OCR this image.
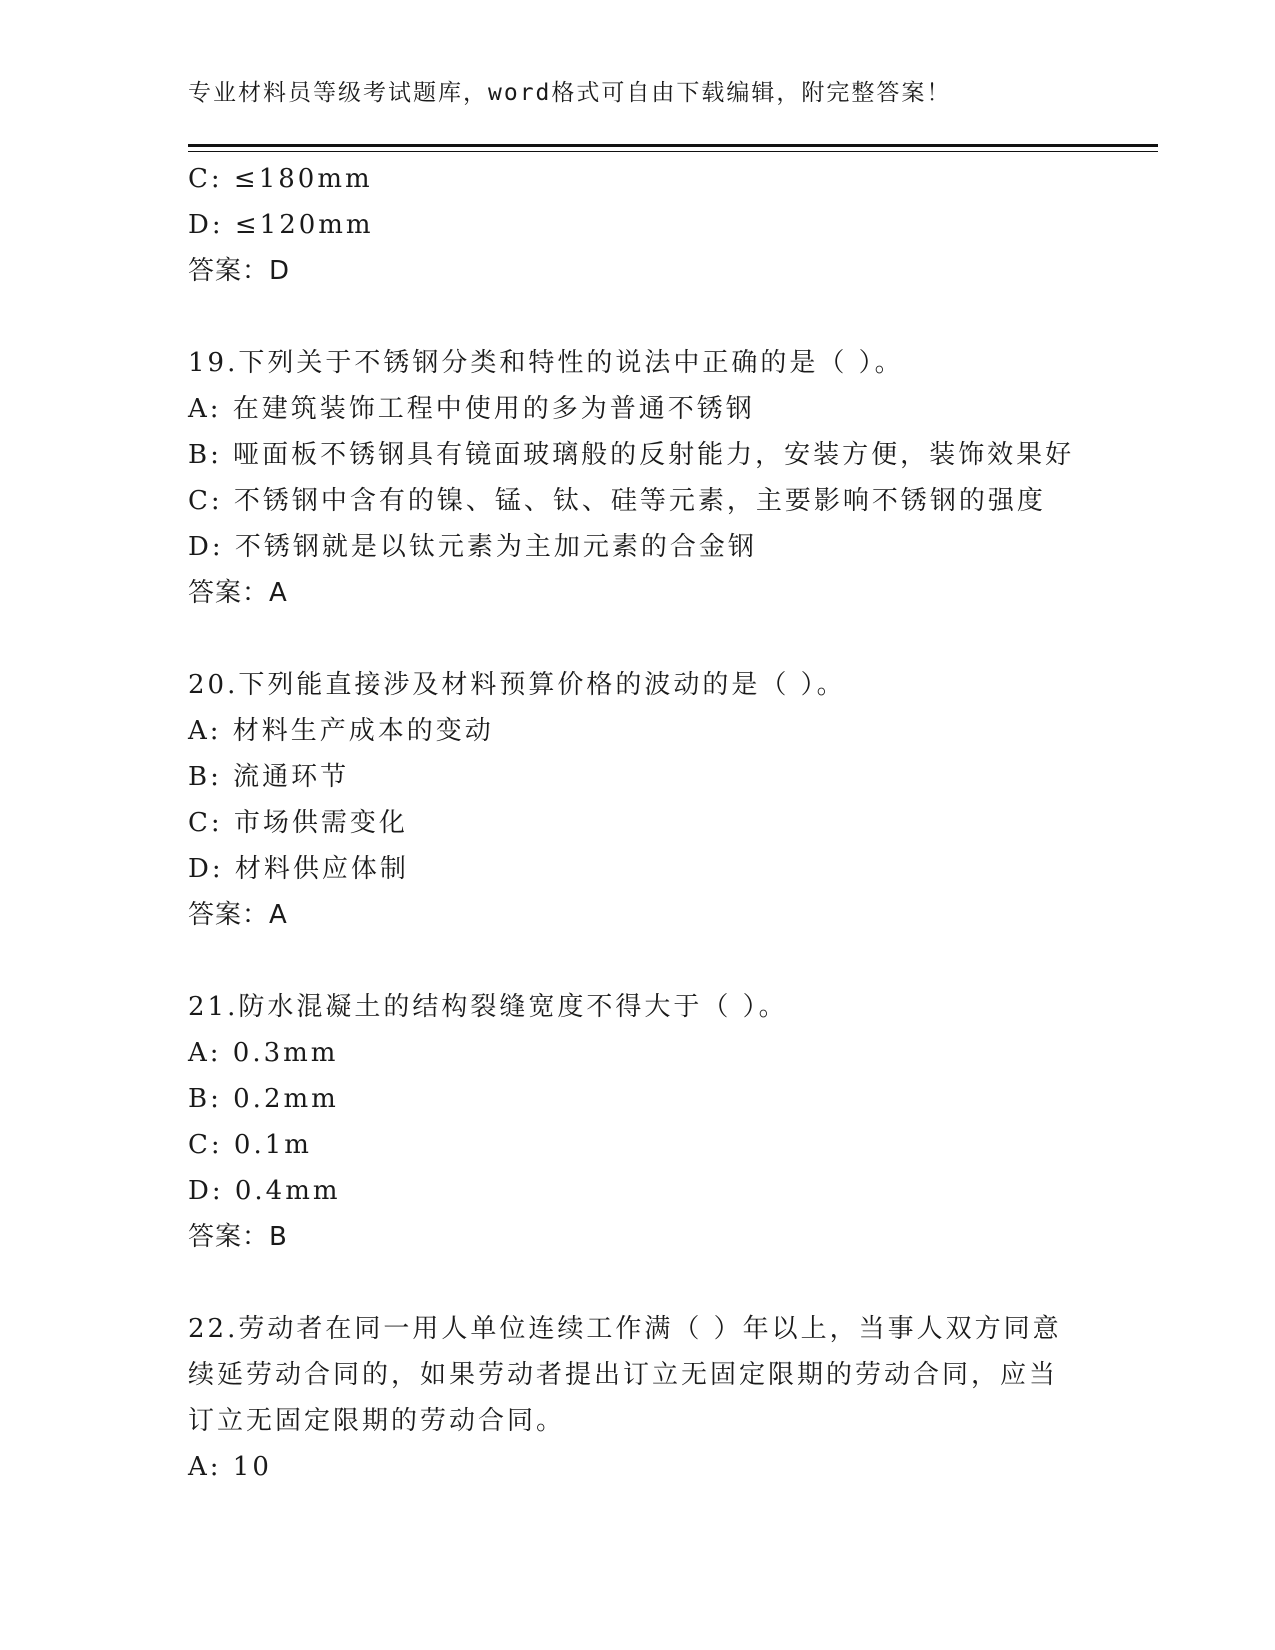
专业材料员等级考试题库，word格式可自由下载编辑，附完整答案！
C: ≤180mm
D: ≤120mm
答案：D
19.下列关于不锈钢分类和特性的说法中正确的是（ ）。
A: 在建筑装饰工程中使用的多为普通不锈钢
B: 哑面板不锈钢具有镜面玻璃般的反射能力，安装方便，装饰效果好
C: 不锈钢中含有的镍、锰、钛、硅等元素，主要影响不锈钢的强度
D: 不锈钢就是以钛元素为主加元素的合金钢
答案：A
20.下列能直接涉及材料预算价格的波动的是（ ）。
A: 材料生产成本的变动
B: 流通环节
C: 市场供需变化
D: 材料供应体制
答案：A
21.防水混凝土的结构裂缝宽度不得大于（ ）。
A: 0.3mm
B: 0.2mm
C: 0.1m
D: 0.4mm
答案：B
22.劳动者在同一用人单位连续工作满（ ）年以上，当事人双方同意续延劳动合同的，如果劳动者提出订立无固定限期的劳动合同，应当订立无固定限期的劳动合同。
A: 10
